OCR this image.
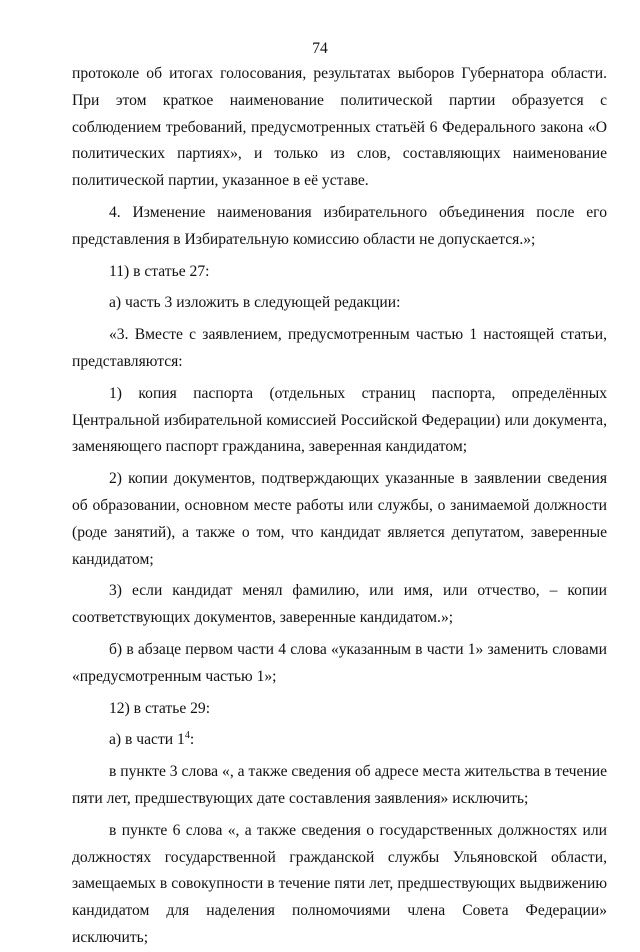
74

протоколе об итогах голосования, результатах выборов Губернатора области. При этом краткое наименование политической партии образуется с соблюдением требований, предусмотренных статьёй 6 Федерального закона «О политических партиях», и только из слов, составляющих наименование политической партии, указанное в её уставе.

4. Изменение наименования избирательного объединения после его представления в Избирательную комиссию области не допускается.»;

11) в статье 27:

а) часть 3 изложить в следующей редакции:

«3. Вместе с заявлением, предусмотренным частью 1 настоящей статьи, представляются:

1) копия паспорта (отдельных страниц паспорта, определённых Центральной избирательной комиссией Российской Федерации) или документа, заменяющего паспорт гражданина, заверенная кандидатом;

2) копии документов, подтверждающих указанные в заявлении сведения об образовании, основном месте работы или службы, о занимаемой должности (роде занятий), а также о том, что кандидат является депутатом, заверенные кандидатом;

3) если кандидат менял фамилию, или имя, или отчество, – копии соответствующих документов, заверенные кандидатом.»;

б) в абзаце первом части 4 слова «указанным в части 1» заменить словами «предусмотренным частью 1»;

12) в статье 29:

а) в части $1^4$:

в пункте 3 слова «, а также сведения об адресе места жительства в течение пяти лет, предшествующих дате составления заявления» исключить;

в пункте 6 слова «, а также сведения о государственных должностях или должностях государственной гражданской службы Ульяновской области, замещаемых в совокупности в течение пяти лет, предшествующих выдвижению кандидатом для наделения полномочиями члена Совета Федерации» исключить;
